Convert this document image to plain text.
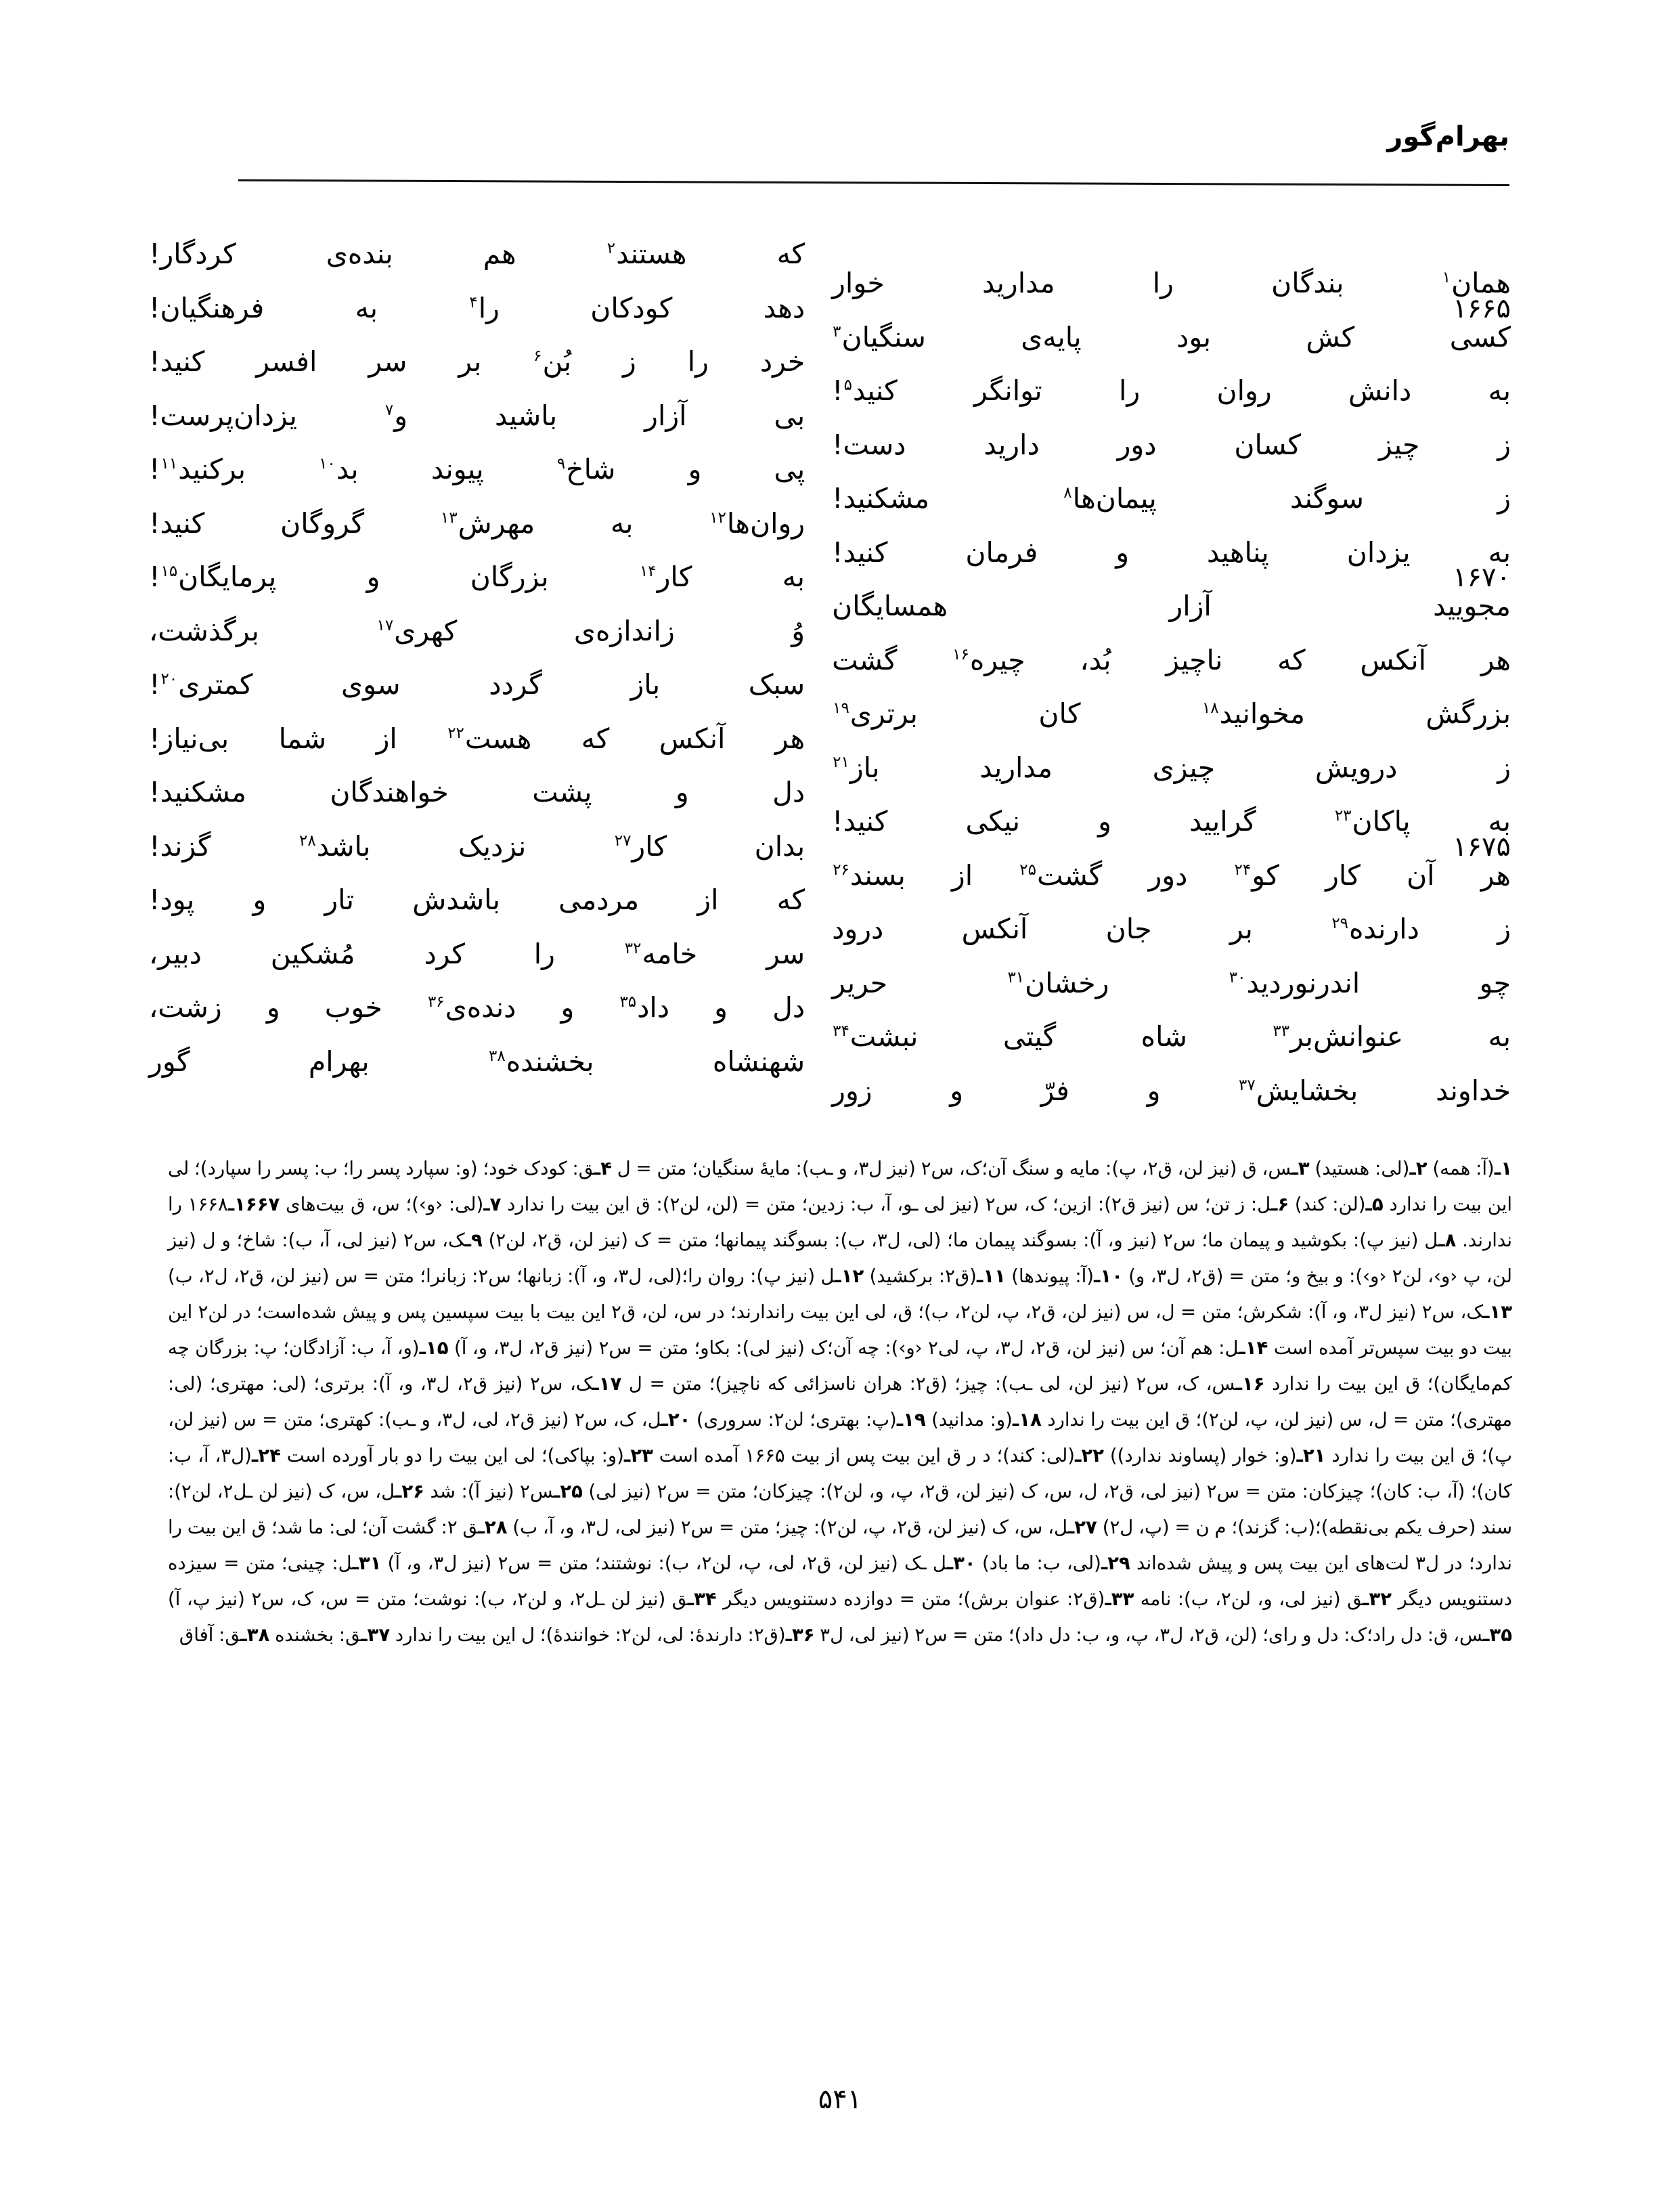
بهرام‌گور
همان$^۱$
بندگان
را
مدارید
خوار
که
هستند$^۲$
هم
بنده‌ی
کردگار!
۱۶۶۵
کسی
کش
بود
پایه‌ی
سنگیان$^۳$
دهد
کودکان
را$^۴$
به
فرهنگیان!
به
دانش
روان
را
توانگر
کنید$^۵$!
خرد
را
ز
بُن$^۶$
بر
سر
افسر
کنید!
ز
چیز
کسان
دور
دارید
دست!
بی
آزار
باشید
و$^۷$
یزدان‌پرست!
ز
سوگند
پیمان‌ها$^۸$
مشکنید!
پی
و
شاخ$^۹$
پیوند
بد$^{۱۰}$
برکنید$^{۱۱}$!
به
یزدان
پناهید
و
فرمان
کنید!
روان‌ها$^{۱۲}$
به
مهرش$^{۱۳}$
گروگان
کنید!
۱۶۷۰
مجویید
آزار
همسایگان
به
کار$^{۱۴}$
بزرگان
و
پرمایگان$^{۱۵}$!
هر
آنکس
که
ناچیز
بُد،
چیره$^{۱۶}$
گشت
وُ
زاندازه‌ی
کهری$^{۱۷}$
برگذشت،
بزرگش
مخوانید$^{۱۸}$
کان
برتری$^{۱۹}$
سبک
باز
گردد
سوی
کمتری$^{۲۰}$!
ز
درویش
چیزی
مدارید
باز$^{۲۱}$
هر
آنکس
که
هست$^{۲۲}$
از
شما
بی‌نیاز!
به
پاکان$^{۲۳}$
گرایید
و
نیکی
کنید!
دل
و
پشت
خواهندگان
مشکنید!
۱۶۷۵
هر
آن
کار
کو$^{۲۴}$
دور
گشت$^{۲۵}$
از
بسند$^{۲۶}$
بدان
کار$^{۲۷}$
نزدیک
باشد$^{۲۸}$
گزند!
ز
دارنده$^{۲۹}$
بر
جان
آنکس
درود
که
از
مردمی
باشدش
تار
و
پود!
چو
اندرنوردید$^{۳۰}$
رخشان$^{۳۱}$
حریر
سر
خامه$^{۳۲}$
را
کرد
مُشکین
دبیر،
به
عنوانش‌بر$^{۳۳}$
شاه
گیتی
نبشت$^{۳۴}$
دل
و
داد$^{۳۵}$
و
دنده‌ی$^{۳۶}$
خوب
و
زشت،
خداوند
بخشایش$^{۳۷}$
و
فرّ
و
زور
شهنشاه
بخشنده$^{۳۸}$
بهرام
گور

۱ـ(آ: همه) ۲ـ(لی: هستید) ۳ـس، ق (نیز لن، ق۲، پ): مایه و سنگ آن؛ک، س۲ (نیز ل۳، و ـب): مایهٔ سنگیان؛ متن = ل ۴ـق: کودک خود؛ (و: سپارد پسر را؛ ب: پسر را سپارد)؛ لی این بیت را ندارد ۵ـ(لن: کند) ۶ـل: ز تن؛ س (نیز ق۲): ازین؛ ک، س۲ (نیز لی ـو، آ، ب: زدین؛ متن = (لن، لن۲): ق این بیت را ندارد ۷ـ(لی: ‹و›)؛ س، ق بیت‌های ۱۶۶۷ـ۱۶۶۸ را ندارند. ۸ـل (نیز پ): بکوشید و پیمان ما؛ س۲ (نیز و، آ): بسوگند پیمان ما؛ (لی، ل۳، ب): بسوگند پیمانها؛ متن = ک (نیز لن، ق۲، لن۲) ۹ـک، س۲ (نیز لی، آ، ب): شاخ؛ و ل (نیز لن، پ ‹و›، لن۲ ‹و›): و بیخ و؛ متن = (ق۲، ل۳، و) ۱۰ـ(آ: پیوندها) ۱۱ـ(ق۲: برکشید) ۱۲ـل (نیز پ): روان را؛(لی، ل۳، و، آ): زبانها؛ س۲: زبانرا؛ متن = س (نیز لن، ق۲، ل۲، ب) ۱۳ـک، س۲ (نیز ل۳، و، آ): شکرش؛ متن = ل، س (نیز لن، ق۲، پ، لن۲، ب)؛ ق، لی این بیت راندارند؛ در س، لن، ق۲ این بیت با بیت سپسین پس و پیش شده‌است؛ در لن۲ این بیت دو بیت سپس‌تر آمده است ۱۴ـل: هم آن؛ س (نیز لن، ق۲، ل۳، پ، لی۲ ‹و›): چه آن؛ک (نیز لی): بکاو؛ متن = س۲ (نیز ق۲، ل۳، و، آ) ۱۵ـ(و، آ، ب: آزادگان؛ پ: بزرگان چه کم‌مایگان)؛ ق این بیت را ندارد ۱۶ـس، ک، س۲ (نیز لن، لی ـب): چیز؛ (ق۲: هران ناسزائی که ناچیز)؛ متن = ل ۱۷ـک، س۲ (نیز ق۲، ل۳، و، آ): برتری؛ (لی: مهتری؛ (لی: مهتری)؛ متن = ل، س (نیز لن، پ، لن۲)؛ ق این بیت را ندارد ۱۸ـ(و: مدانید) ۱۹ـ(پ: بهتری؛ لن۲: سروری) ۲۰ـل، ک، س۲ (نیز ق۲، لی، ل۳، و ـب): کهتری؛ متن = س (نیز لن، پ)؛ ق این بیت را ندارد ۲۱ـ(و: خوار (پساوند ندارد)) ۲۲ـ(لی: کند)؛ د ر ق این بیت پس از بیت ۱۶۶۵ آمده است ۲۳ـ(و: بپاکی)؛ لی این بیت را دو بار آورده است ۲۴ـ(ل۳، آ، ب: کان)؛ (آ، ب: کان)؛ چیزکان: متن = س۲ (نیز لی، ق۲، ل، س، ک (نیز لن، ق۲، پ، و، لن۲): چیزکان؛ متن = س۲ (نیز لی) ۲۵ـس۲ (نیز آ): شد ۲۶ـل، س، ک (نیز لن ـل۲، لن۲): سند (حرف یکم بی‌نقطه)؛(ب: گزند)؛ م ن = (پ، ل۲) ۲۷ـل، س، ک (نیز لن، ق۲، پ، لن۲): چیز؛ متن = س۲ (نیز لی، ل۳، و، آ، ب) ۲۸ـق ۲: گشت آن؛ لی: ما شد؛ ق این بیت را ندارد؛ در ل۳ لت‌های این بیت پس و پیش شده‌اند ۲۹ـ(لی، ب: ما باد) ۳۰ـل ـک (نیز لن، ق۲، لی، پ، لن۲، ب): نوشتند؛ متن = س۲ (نیز ل۳، و، آ) ۳۱ـل: چینی؛ متن = سیزده دستنویس دیگر ۳۲ـق (نیز لی، و، لن۲، ب): نامه ۳۳ـ(ق۲: عنوان برش)؛ متن = دوازده دستنویس دیگر ۳۴ـق (نیز لن ـل۲، و لن۲، ب): نوشت؛ متن = س، ک، س۲ (نیز پ، آ) ۳۵ـس، ق: دل راد؛ک: دل و رای؛ (لن، ق۲، ل۳، پ، و، ب: دل داد)؛ متن = س۲ (نیز لی، ل۳ ۳۶ـ(ق۲: دارندهٔ: لی، لن۲: خوانندهٔ)؛ ل این بیت را ندارد ۳۷ـق: بخشنده ۳۸ـق: آفاق

۵۴۱
